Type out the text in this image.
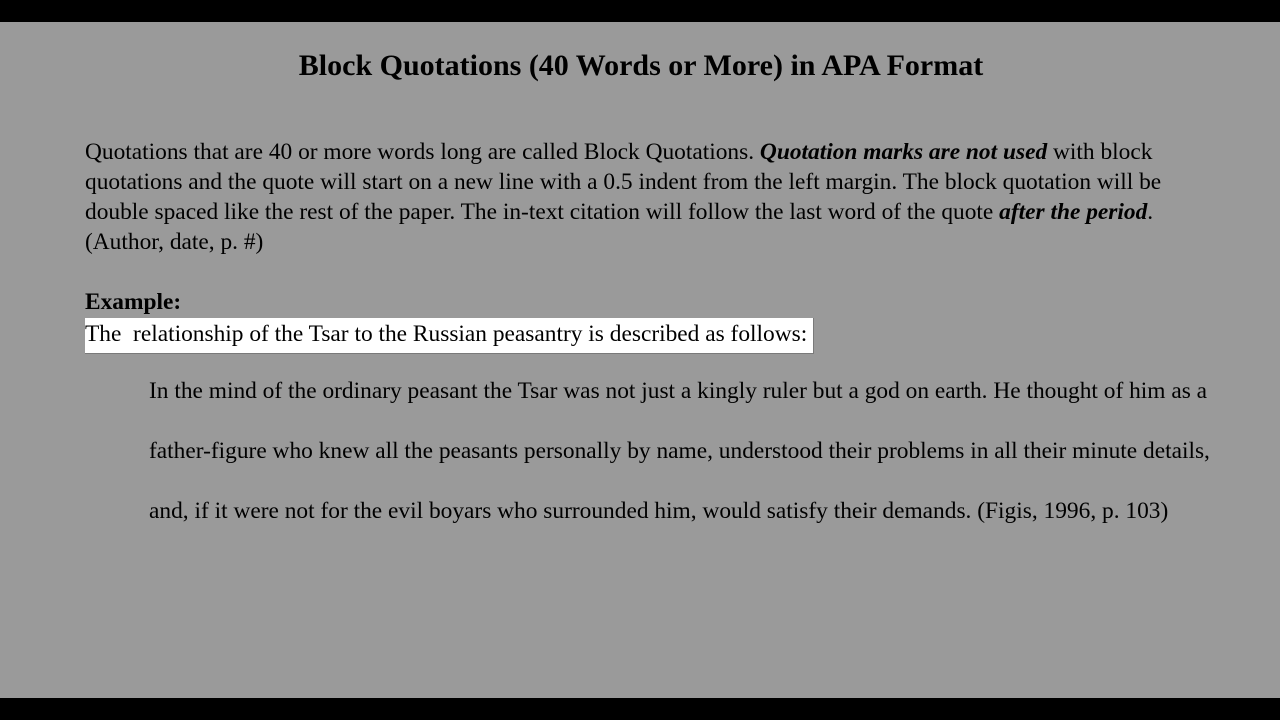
Block Quotations (40 Words or More) in APA Format

Quotations that are 40 or more words long are called Block Quotations. Quotation marks are not used with block quotations and the quote will start on a new line with a 0.5 indent from the left margin. The block quotation will be double spaced like the rest of the paper. The in-text citation will follow the last word of the quote after the period. (Author, date, p. #)

Example:

The  relationship of the Tsar to the Russian peasantry is described as follows:

In the mind of the ordinary peasant the Tsar was not just a kingly ruler but a god on earth. He thought of him as a father-figure who knew all the peasants personally by name, understood their problems in all their minute details, and, if it were not for the evil boyars who surrounded him, would satisfy their demands. (Figis, 1996, p. 103)
